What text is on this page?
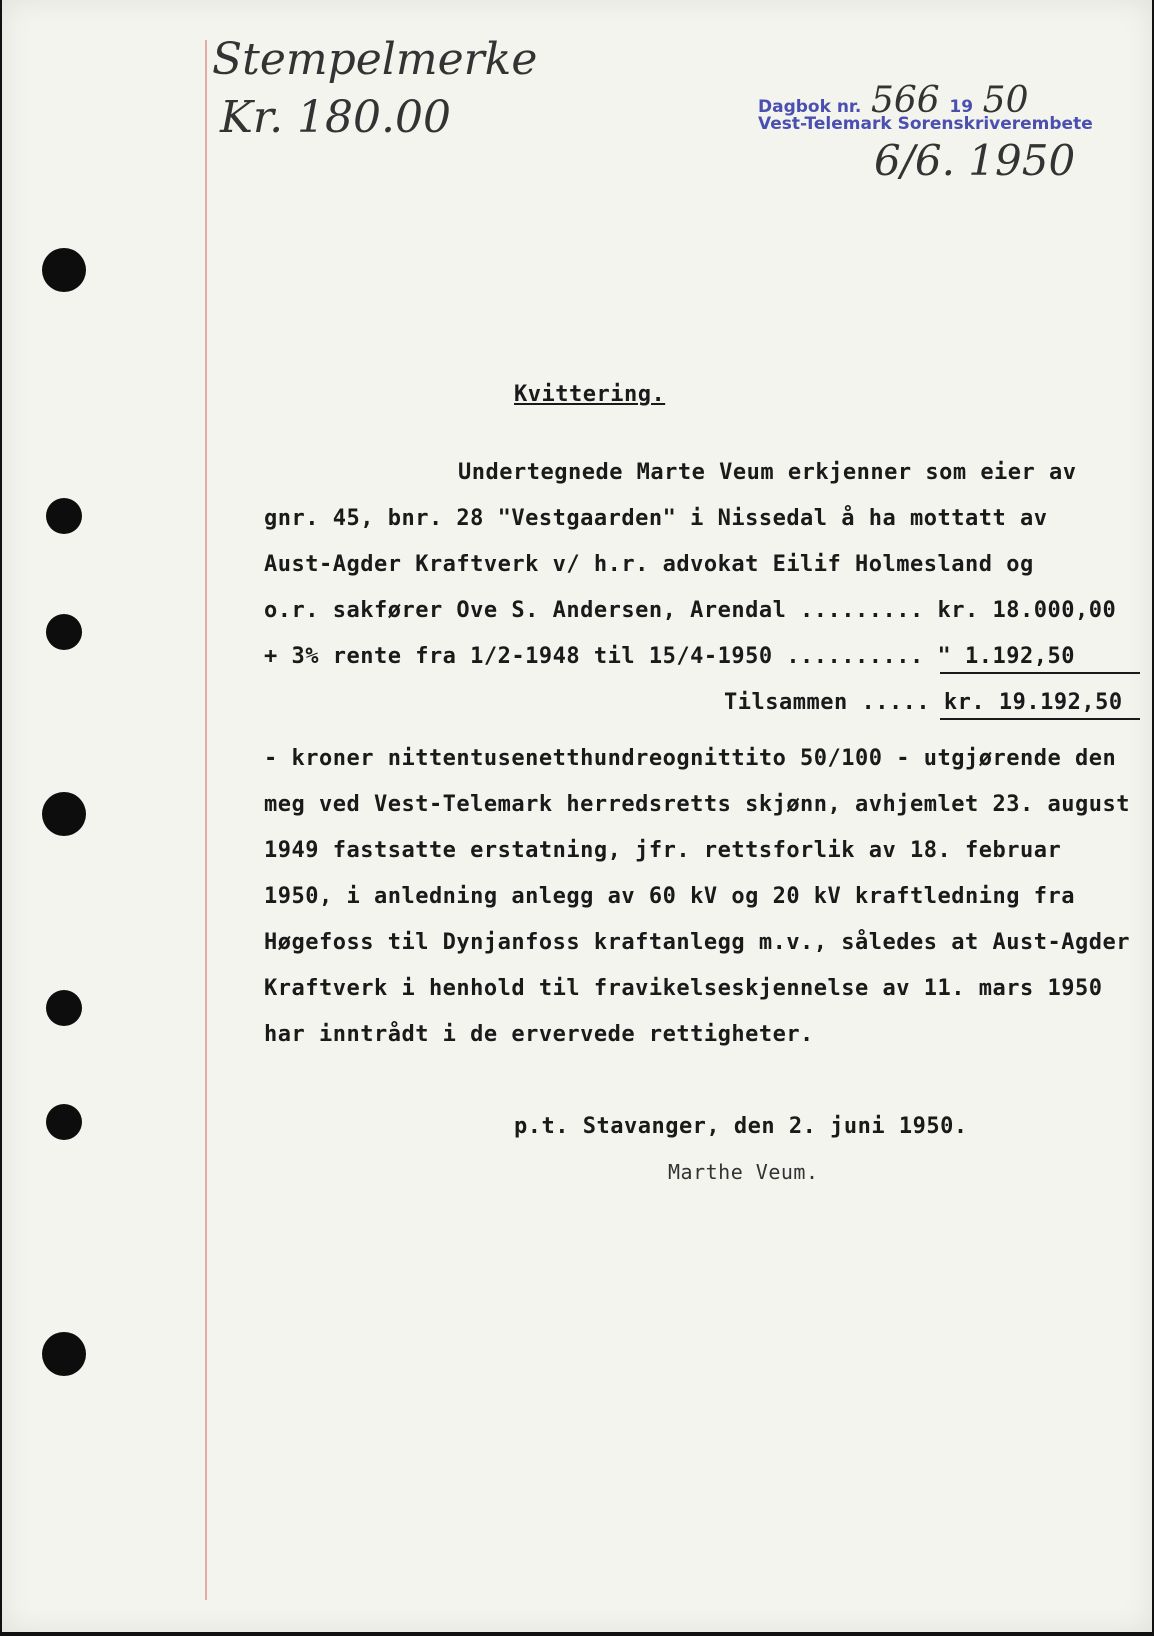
Stempelmerke
Kr. 180.00	Dagbok nr. 566 19 50
Vest-Telemark Sorenskriverembete
6/6. 1950
Kvittering.
Undertegnede Marte Veum erkjenner som eier av
gnr. 45, bnr. 28 "Vestgaarden" i Nissedal å ha mottatt av
Aust-Agder Kraftverk v/ h.r. advokat Eilif Holmesland og
o.r. sakfører Ove S. Andersen, Arendal ......... kr. 18.000,00
+ 3% rente fra 1/2-1948 til 15/4-1950 .......... " 1.192,50
Tilsammen ..... kr. 19.192,50
- kroner nittentusenetthundreognittito 50/100 - utgjørende den
meg ved Vest-Telemark herredsretts skjønn, avhjemlet 23. august
1949 fastsatte erstatning, jfr. rettsforlik av 18. februar
1950, i anledning anlegg av 60 kV og 20 kV kraftledning fra
Høgefoss til Dynjanfoss kraftanlegg m.v., således at Aust-Agder
Kraftverk i henhold til fravikelseskjennelse av 11. mars 1950
har inntrådt i de ervervede rettigheter.
p.t. Stavanger, den 2. juni 1950.
Marthe Veum.
